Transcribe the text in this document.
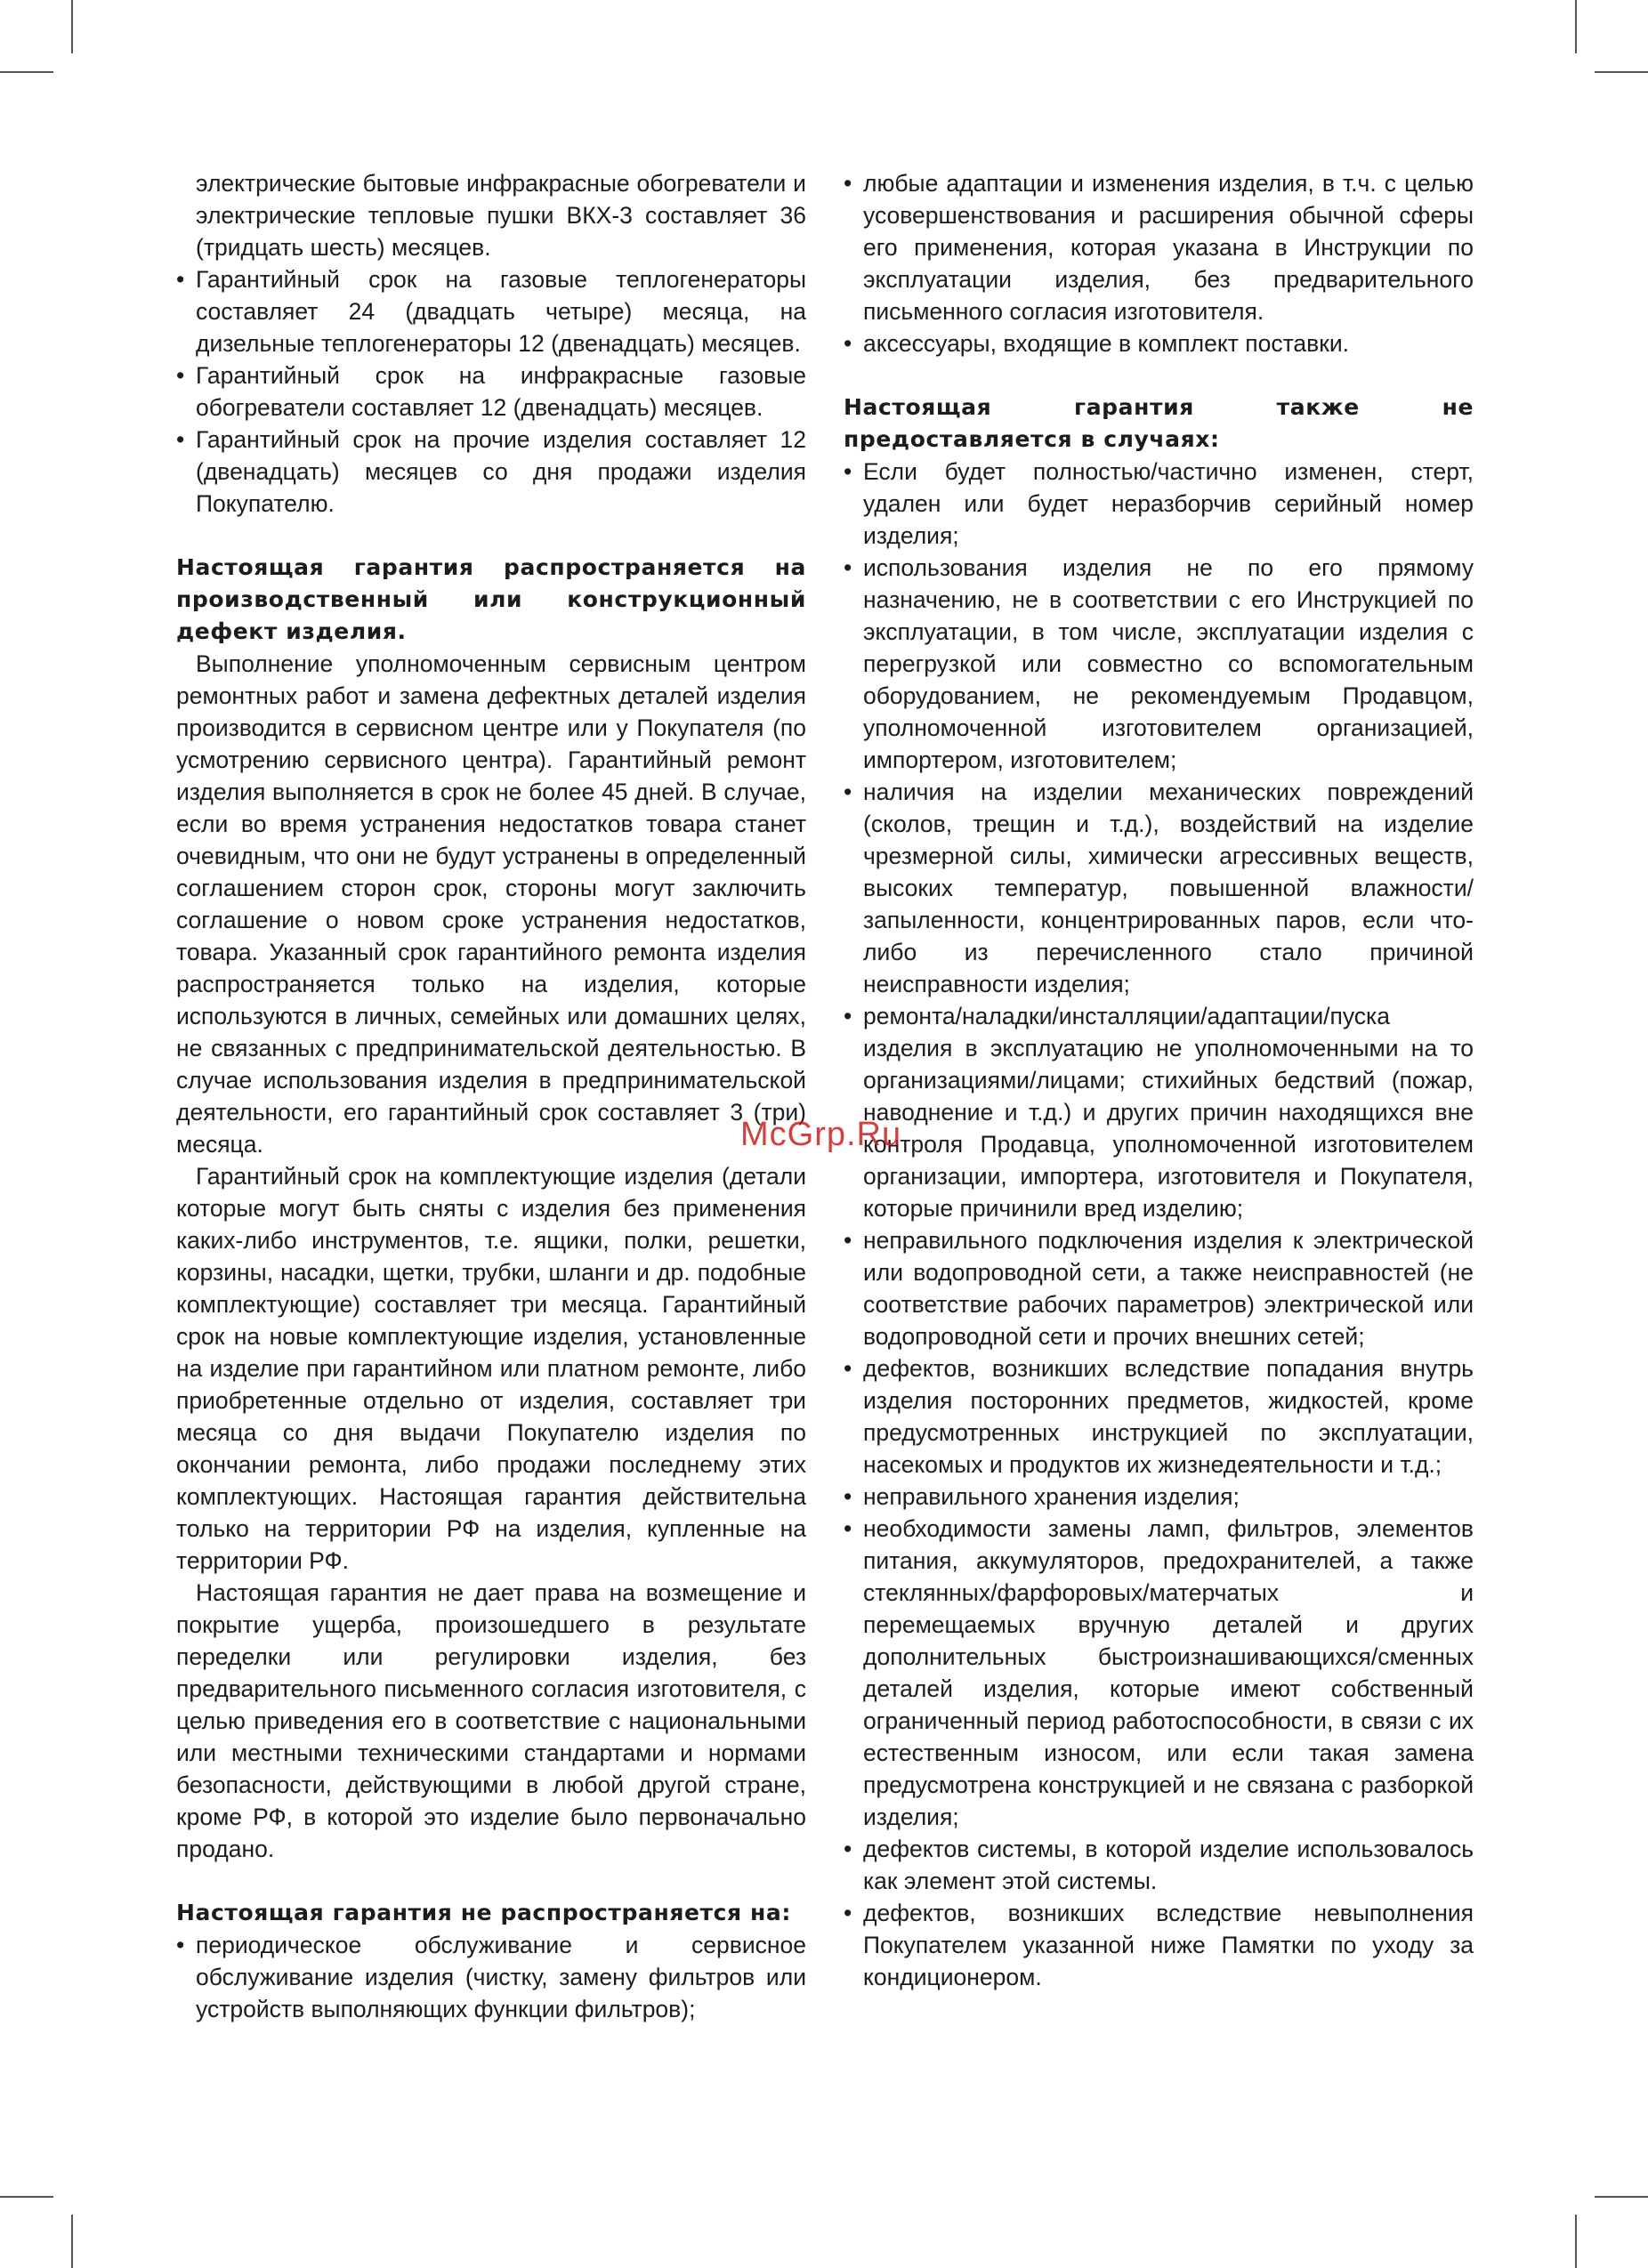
электрические бытовые инфракрасные обогреватели и электрические тепловые пушки ВКХ-3 составляет 36 (тридцать шесть) месяцев.

• Гарантийный срок на газовые теплогенераторы составляет 24 (двадцать четыре) месяца, на дизельные теплогенераторы 12 (двенадцать) месяцев.
• Гарантийный срок на инфракрасные газовые обогреватели составляет 12 (двенадцать) месяцев.
• Гарантийный срок на прочие изделия составляет 12 (двенадцать) месяцев со дня продажи изделия Покупателю.
Настоящая гарантия распространяется на производственный или конструкционный дефект изделия.

Выполнение уполномоченным сервисным центром ремонтных работ и замена дефектных деталей изделия производится в сервисном центре или у Покупателя (по усмотрению сервисного центра). Гарантийный ремонт изделия выполняется в срок не более 45 дней. В случае, если во время устранения недостатков товара станет очевидным, что они не будут устранены в определенный соглашением сторон срок, стороны могут заключить соглашение о новом сроке устранения недостатков, товара. Указанный срок гарантийного ремонта изделия распространяется только на изделия, которые используются в личных, семейных или домашних целях, не связанных с предпринимательской деятельностью. В случае использования изделия в предпринимательской деятельности, его гарантийный срок составляет 3 (три) месяца.

Гарантийный срок на комплектующие изделия (детали которые могут быть сняты с изделия без применения каких-либо инструментов, т.е. ящики, полки, решетки, корзины, насадки, щетки, трубки, шланги и др. подобные комплектующие) составляет три месяца. Гарантийный срок на новые комплектующие изделия, установленные на изделие при гарантийном или платном ремонте, либо приобретенные отдельно от изделия, составляет три месяца со дня выдачи Покупателю изделия по окончании ремонта, либо продажи последнему этих комплектующих. Настоящая гарантия действительна только на территории РФ на изделия, купленные на территории РФ.

Настоящая гарантия не дает права на возмещение и покрытие ущерба, произошедшего в результате переделки или регулировки изделия, без предварительного письменного согласия изготовителя, с целью приведения его в соответствие с национальными или местными техническими стандартами и нормами безопасности, действующими в любой другой стране, кроме РФ, в которой это изделие было первоначально продано.

Настоящая гарантия не распространяется на:
• периодическое обслуживание и сервисное обслуживание изделия (чистку, замену фильтров или устройств выполняющих функции фильтров);
• любые адаптации и изменения изделия, в т.ч. с целью усовершенствования и расширения обычной сферы его применения, которая указана в Инструкции по эксплуатации изделия, без предварительного письменного согласия изготовителя.
• аксессуары, входящие в комплект поставки.
Настоящая гарантия также не предоставляется в случаях:
• Если будет полностью/частично изменен, стерт, удален или будет неразборчив серийный номер изделия;
• использования изделия не по его прямому назначению, не в соответствии с его Инструкцией по эксплуатации, в том числе, эксплуатации изделия с перегрузкой или совместно со вспомогательным оборудованием, не рекомендуемым Продавцом, уполномоченной изготовителем организацией, импортером, изготовителем;
• наличия на изделии механических повреждений (сколов, трещин и т.д.), воздействий на изделие чрезмерной силы, химически агрессивных веществ, высоких температур, повышенной влажности/запыленности, концентрированных паров, если что-либо из перечисленного стало причиной неисправности изделия;
• ремонта/наладки/инсталляции/адаптации/пуска изделия в эксплуатацию не уполномоченными на то организациями/лицами; стихийных бедствий (пожар, наводнение и т.д.) и других причин находящихся вне контроля Продавца, уполномоченной изготовителем организации, импортера, изготовителя и Покупателя, которые причинили вред изделию;
• неправильного подключения изделия к электрической или водопроводной сети, а также неисправностей (не соответствие рабочих параметров) электрической или водопроводной сети и прочих внешних сетей;
• дефектов, возникших вследствие попадания внутрь изделия посторонних предметов, жидкостей, кроме предусмотренных инструкцией по эксплуатации, насекомых и продуктов их жизнедеятельности и т.д.;
• неправильного хранения изделия;
• необходимости замены ламп, фильтров, элементов питания, аккумуляторов, предохранителей, а также стеклянных/фарфоровых/матерчатых и перемещаемых вручную деталей и других дополнительных быстроизнашивающихся/сменных деталей изделия, которые имеют собственный ограниченный период работоспособности, в связи с их естественным износом, или если такая замена предусмотрена конструкцией и не связана с разборкой изделия;
• дефектов системы, в которой изделие использовалось как элемент этой системы.
• дефектов, возникших вследствие невыполнения Покупателем указанной ниже Памятки по уходу за кондиционером.
McGrp.Ru
